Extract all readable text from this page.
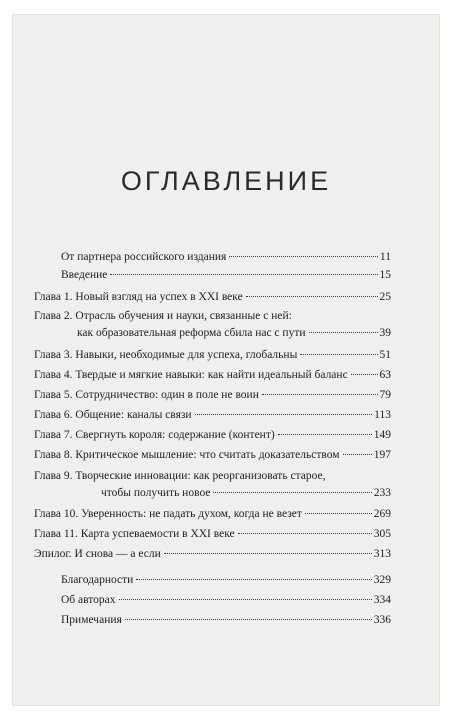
ОГЛАВЛЕНИЕ
От партнера российского издания	11
Введение	15
Глава 1. Новый взгляд на успех в XXI веке	25
Глава 2. Отрасль обучения и науки, связанные с ней:
как образовательная реформа сбила нас с пути	39
Глава 3. Навыки, необходимые для успеха, глобальны	51
Глава 4. Твердые и мягкие навыки: как найти идеальный баланс	63
Глава 5. Сотрудничество: один в поле не воин	79
Глава 6. Общение: каналы связи	113
Глава 7. Свергнуть короля: содержание (контент)	149
Глава 8. Критическое мышление: что считать доказательством	197
Глава 9. Творческие инновации: как реорганизовать старое,
чтобы получить новое	233
Глава 10. Уверенность: не падать духом, когда не везет	269
Глава 11. Карта успеваемости в XXI веке	305
Эпилог. И снова — а если	313
Благодарности	329
Об авторах	334
Примечания	336
